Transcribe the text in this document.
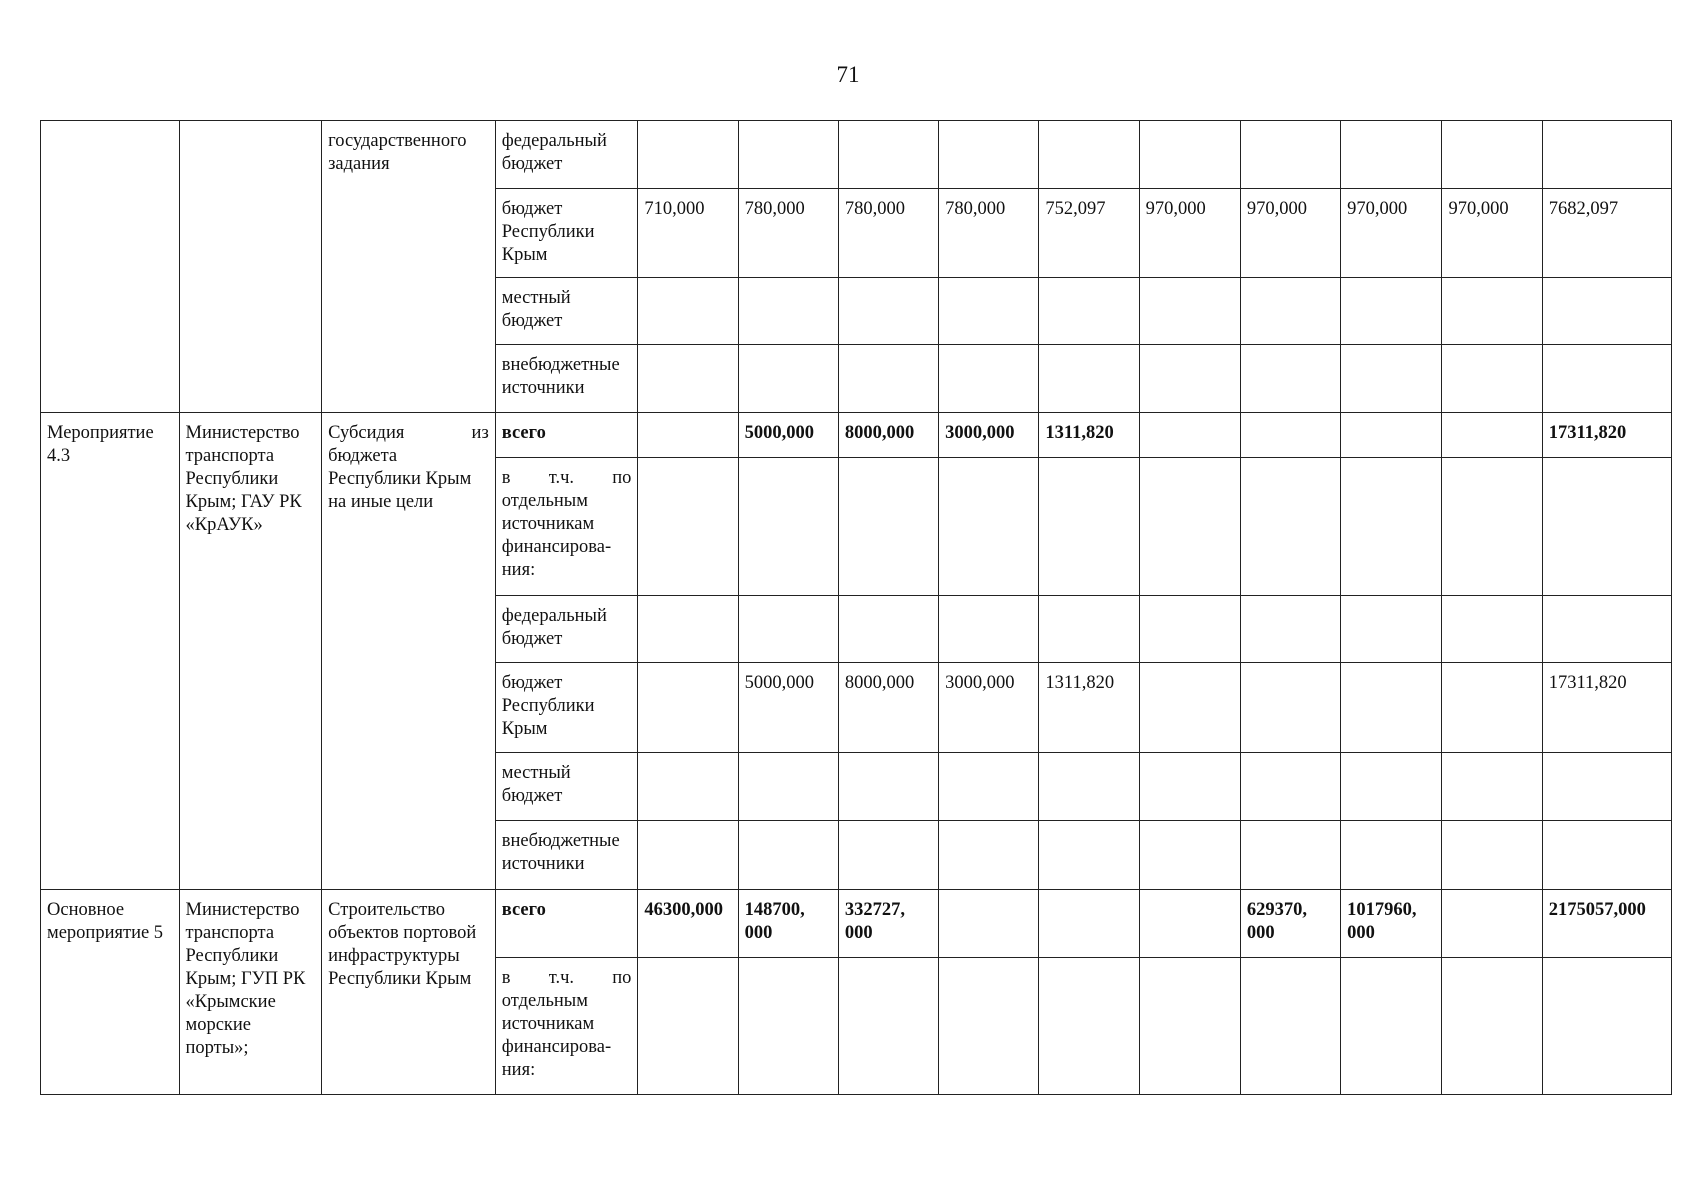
71
		государственного задания	федеральный бюджет										
			бюджет Республики Крым	710,000	780,000	780,000	780,000	752,097	970,000	970,000	970,000	970,000	7682,097
			местный бюджет										
			внебюджетные источники										
Мероприятие 4.3	Министерство транспорта Республики Крым; ГАУ РК «КрАУК»	Субсидия из
бюджета Республики Крым на иные цели	всего		5000,000	8000,000	3000,000	1311,820					17311,820

			в т.ч. по
отдельным источникам финансирова-ния:										

			федеральный бюджет										
			бюджет Республики Крым		5000,000	8000,000	3000,000	1311,820					17311,820
			местный бюджет										
			внебюджетные источники										
Основное мероприятие 5	Министерство транспорта Республики Крым; ГУП РК «Крымские морские порты»;	Строительство объектов портовой инфраструктуры Республики Крым	всего	46300,000	148700, 000	332727, 000				629370, 000	1017960, 000		2175057,000

			в т.ч. по
отдельным источникам финансирова-ния:										
